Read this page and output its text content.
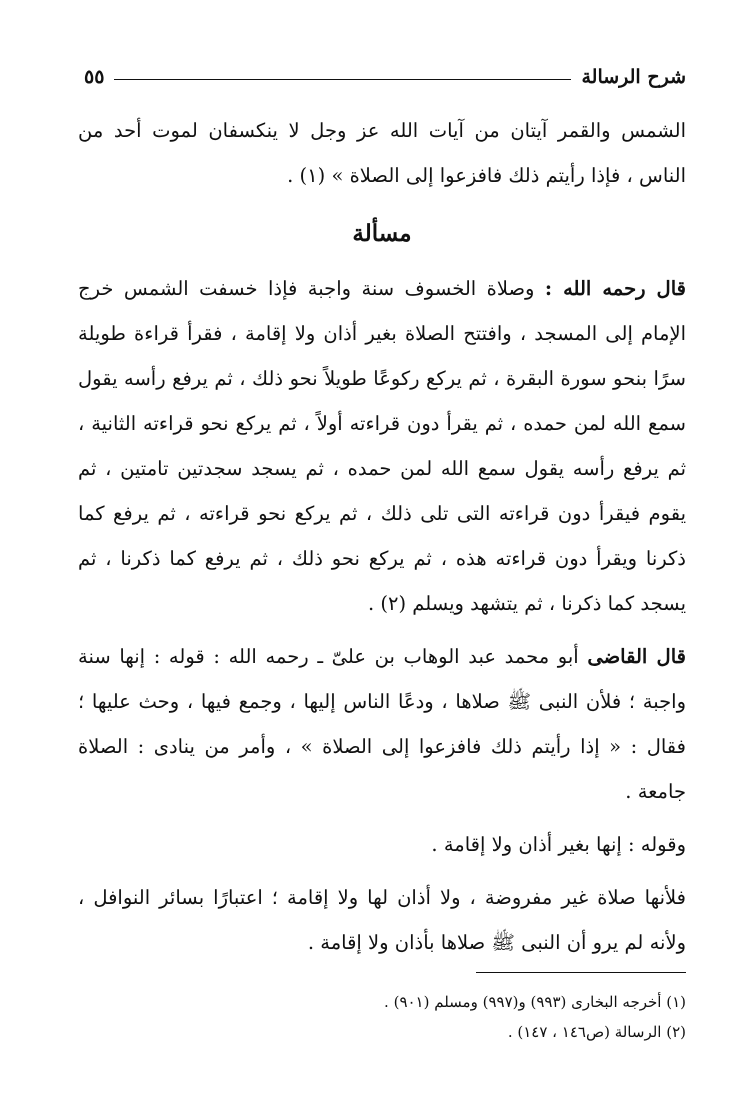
شرح الرسالة
٥٥

الشمس والقمر آيتان من آيات الله عز وجل لا ينكسفان لموت أحد من الناس ، فإذا رأيتم ذلك فافزعوا إلى الصلاة » (١) .

مسألة

قال رحمه الله : وصلاة الخسوف سنة واجبة فإذا خسفت الشمس خرج الإمام إلى المسجد ، وافتتح الصلاة بغير أذان ولا إقامة ، فقرأ قراءة طويلة سرًا بنحو سورة البقرة ، ثم يركع ركوعًا طويلاً نحو ذلك ، ثم يرفع رأسه يقول سمع الله لمن حمده ، ثم يقرأ دون قراءته أولاً ، ثم يركع نحو قراءته الثانية ، ثم يرفع رأسه يقول سمع الله لمن حمده ، ثم يسجد سجدتين تامتين ، ثم يقوم فيقرأ دون قراءته التى تلى ذلك ، ثم يركع نحو قراءته ، ثم يرفع كما ذكرنا ويقرأ دون قراءته هذه ، ثم يركع نحو ذلك ، ثم يرفع كما ذكرنا ، ثم يسجد كما ذكرنا ، ثم يتشهد ويسلم (٢) .

قال القاضى أبو محمد عبد الوهاب بن علىّ ـ رحمه الله : قوله : إنها سنة واجبة ؛ فلأن النبى ﷺ صلاها ، ودعًا الناس إليها ، وجمع فيها ، وحث عليها ؛ فقال : « إذا رأيتم ذلك فافزعوا إلى الصلاة » ، وأمر من ينادى : الصلاة جامعة .

وقوله : إنها بغير أذان ولا إقامة .

فلأنها صلاة غير مفروضة ، ولا أذان لها ولا إقامة ؛ اعتبارًا بسائر النوافل ، ولأنه لم يرو أن النبى ﷺ صلاها بأذان ولا إقامة .

(١) أخرجه البخارى (٩٩٣) و(٩٩٧) ومسلم (٩٠١) .

(٢) الرسالة (ص١٤٦ ، ١٤٧) .
